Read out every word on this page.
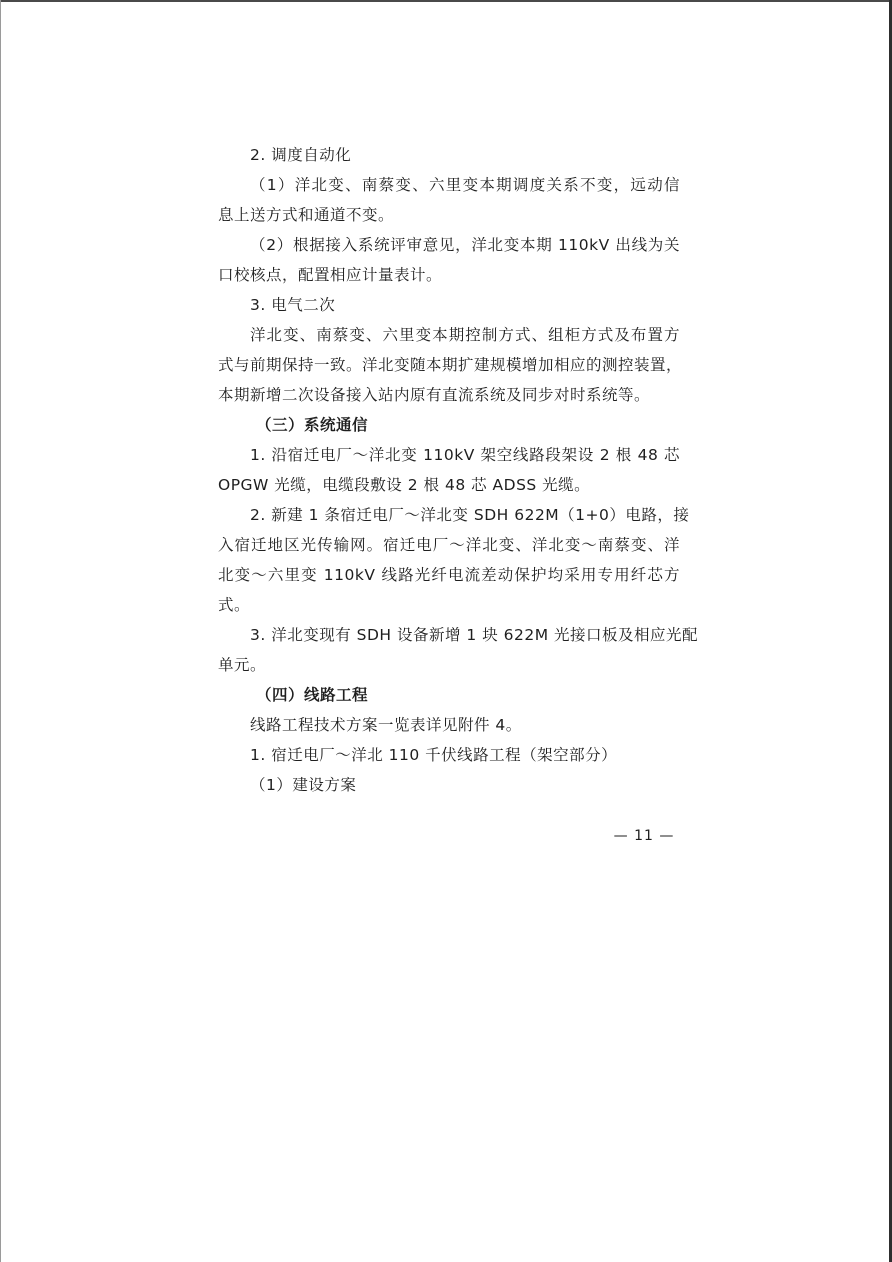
2. 调度自动化
（1）洋北变、南蔡变、六里变本期调度关系不变，远动信
息上送方式和通道不变。
（2）根据接入系统评审意见，洋北变本期 110kV 出线为关
口校核点，配置相应计量表计。
3. 电气二次
洋北变、南蔡变、六里变本期控制方式、组柜方式及布置方
式与前期保持一致。洋北变随本期扩建规模增加相应的测控装置，
本期新增二次设备接入站内原有直流系统及同步对时系统等。
（三）系统通信
1. 沿宿迁电厂～洋北变 110kV 架空线路段架设 2 根 48 芯
OPGW 光缆，电缆段敷设 2 根 48 芯 ADSS 光缆。
2. 新建 1 条宿迁电厂～洋北变 SDH 622M（1+0）电路，接
入宿迁地区光传输网。宿迁电厂～洋北变、洋北变～南蔡变、洋
北变～六里变 110kV 线路光纤电流差动保护均采用专用纤芯方
式。
3. 洋北变现有 SDH 设备新增 1 块 622M 光接口板及相应光配
单元。
（四）线路工程
线路工程技术方案一览表详见附件 4。
1. 宿迁电厂～洋北 110 千伏线路工程（架空部分）
（1）建设方案
— 11 —
